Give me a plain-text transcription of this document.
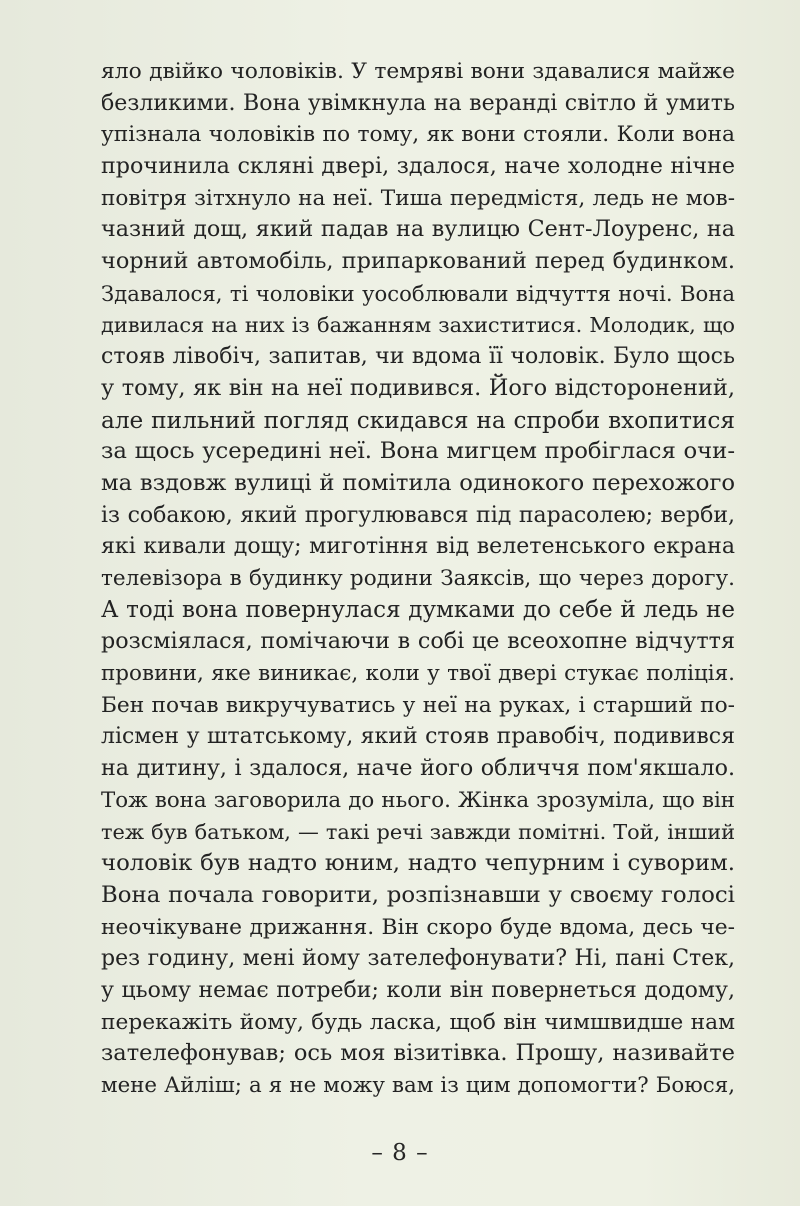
яло двійко чоловіків. У темряві вони здавалися майже
безликими. Вона увімкнула на веранді світло й умить
упізнала чоловіків по тому, як вони стояли. Коли вона
прочинила скляні двері, здалося, наче холодне нічне
повітря зітхнуло на неї. Тиша передмістя, ледь не мов-
чазний дощ, який падав на вулицю Сент-Лоуренс, на
чорний автомобіль, припаркований перед будинком.
Здавалося, ті чоловіки уособлювали відчуття ночі. Вона
дивилася на них із бажанням захиститися. Молодик, що
стояв лівобіч, запитав, чи вдома її чоловік. Було щось
у тому, як він на неї подивився. Його відсторонений,
але пильний погляд скидався на спроби вхопитися
за щось усередині неї. Вона мигцем пробіглася очи-
ма вздовж вулиці й помітила одинокого перехожого
із собакою, який прогулювався під парасолею; верби,
які кивали дощу; миготіння від велетенського екрана
телевізора в будинку родини Заяксів, що через дорогу.
А тоді вона повернулася думками до себе й ледь не
розсміялася, помічаючи в собі це всеохопне відчуття
провини, яке виникає, коли у твої двері стукає поліція.
Бен почав викручуватись у неї на руках, і старший по-
лісмен у штатському, який стояв правобіч, подивився
на дитину, і здалося, наче його обличчя пом'якшало.
Тож вона заговорила до нього. Жінка зрозуміла, що він
теж був батьком, — такі речі завжди помітні. Той, інший
чоловік був надто юним, надто чепурним і суворим.
Вона почала говорити, розпізнавши у своєму голосі
неочікуване дрижання. Він скоро буде вдома, десь че-
рез годину, мені йому зателефонувати? Ні, пані Стек,
у цьому немає потреби; коли він повернеться додому,
перекажіть йому, будь ласка, щоб він чимшвидше нам
зателефонував; ось моя візитівка. Прошу, називайте
мене Айліш; а я не можу вам із цим допомогти? Боюся,
– 8 –
